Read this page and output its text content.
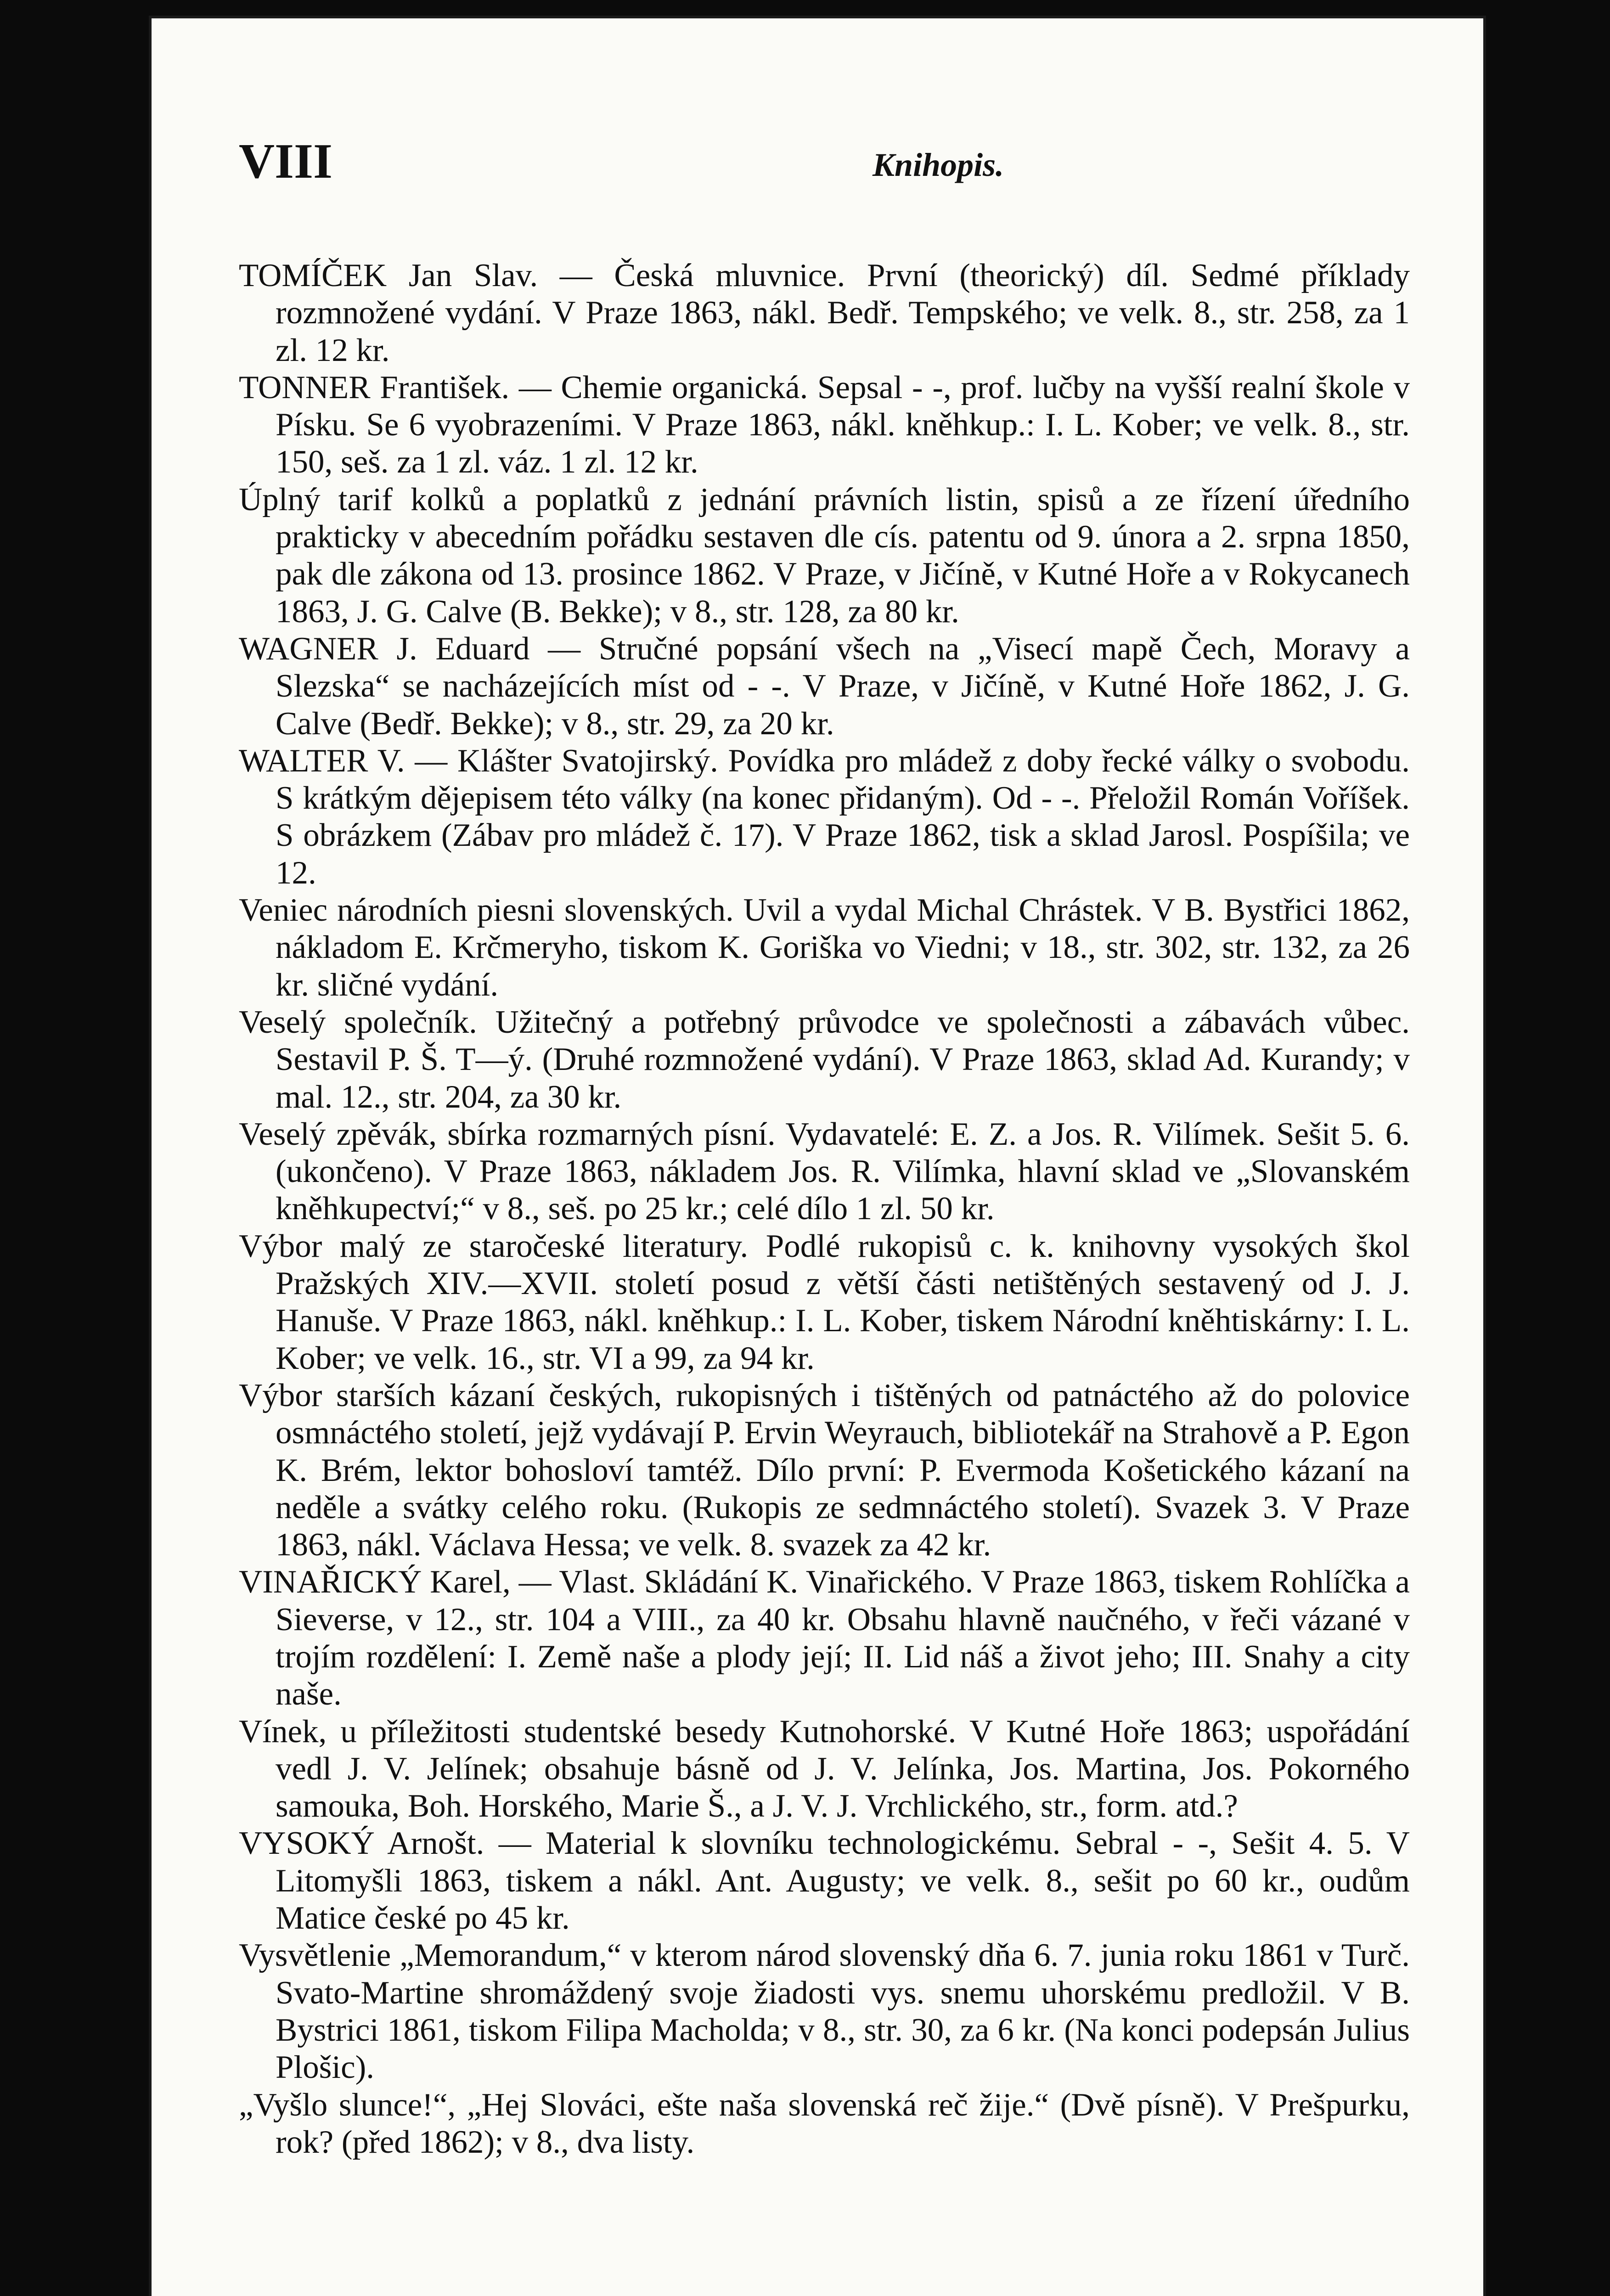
VIII	Knihopis.

TOMÍČEK Jan Slav. — Česká mluvnice. První (theorický) díl. Sedmé příklady rozmnožené vydání. V Praze 1863, nákl. Bedř. Tempského; ve velk. 8., str. 258, za 1 zl. 12 kr.

TONNER František. — Chemie organická. Sepsal - -, prof. lučby na vyšší realní škole v Písku. Se 6 vyobrazeními. V Praze 1863, nákl. kněhkup.: I. L. Kober; ve velk. 8., str. 150, seš. za 1 zl. váz. 1 zl. 12 kr.

Úplný tarif kolků a poplatků z jednání právních listin, spisů a ze řízení úředního prakticky v abecedním pořádku sestaven dle cís. patentu od 9. února a 2. srpna 1850, pak dle zákona od 13. prosince 1862. V Praze, v Jičíně, v Kutné Hoře a v Rokycanech 1863, J. G. Calve (B. Bekke); v 8., str. 128, za 80 kr.

WAGNER J. Eduard — Stručné popsání všech na „Visecí mapě Čech, Moravy a Slezska“ se nacházejících míst od - -. V Praze, v Jičíně, v Kutné Hoře 1862, J. G. Calve (Bedř. Bekke); v 8., str. 29, za 20 kr.

WALTER V. — Klášter Svatojirský. Povídka pro mládež z doby řecké války o svobodu. S krátkým dějepisem této války (na konec přidaným). Od - -. Přeložil Román Voříšek. S obrázkem (Zábav pro mládež č. 17). V Praze 1862, tisk a sklad Jarosl. Pospíšila; ve 12.

Veniec národních piesni slovenských. Uvil a vydal Michal Chrástek. V B. Bystřici 1862, nákladom E. Krčmeryho, tiskom K. Goriška vo Viedni; v 18., str. 302, str. 132, za 26 kr. sličné vydání.

Veselý společník. Užitečný a potřebný průvodce ve společnosti a zábavách vůbec. Sestavil P. Š. T—ý. (Druhé rozmnožené vydání). V Praze 1863, sklad Ad. Kurandy; v mal. 12., str. 204, za 30 kr.

Veselý zpěvák, sbírka rozmarných písní. Vydavatelé: E. Z. a Jos. R. Vilímek. Sešit 5. 6. (ukončeno). V Praze 1863, nákladem Jos. R. Vilímka, hlavní sklad ve „Slovanském kněhkupectví;“ v 8., seš. po 25 kr.; celé dílo 1 zl. 50 kr.

Výbor malý ze staročeské literatury. Podlé rukopisů c. k. knihovny vysokých škol Pražských XIV.—XVII. století posud z větší části netištěných sestavený od J. J. Hanuše. V Praze 1863, nákl. kněhkup.: I. L. Kober, tiskem Národní kněhtiskárny: I. L. Kober; ve velk. 16., str. VI a 99, za 94 kr.

Výbor starších kázaní českých, rukopisných i tištěných od patnáctého až do polovice osmnáctého století, jejž vydávají P. Ervin Weyrauch, bibliotekář na Strahově a P. Egon K. Brém, lektor bohosloví tamtéž. Dílo první: P. Evermoda Košetického kázaní na neděle a svátky celého roku. (Rukopis ze sedmnáctého století). Svazek 3. V Praze 1863, nákl. Václava Hessa; ve velk. 8. svazek za 42 kr.

VINAŘICKÝ Karel, — Vlast. Skládání K. Vinařického. V Praze 1863, tiskem Rohlíčka a Sieverse, v 12., str. 104 a VIII., za 40 kr. Obsahu hlavně naučného, v řeči vázané v trojím rozdělení: I. Země naše a plody její; II. Lid náš a život jeho; III. Snahy a city naše.

Vínek, u příležitosti studentské besedy Kutnohorské. V Kutné Hoře 1863; uspořádání vedl J. V. Jelínek; obsahuje básně od J. V. Jelínka, Jos. Martina, Jos. Pokorného samouka, Boh. Horského, Marie Š., a J. V. J. Vrchlického, str., form. atd.?

VYSOKÝ Arnošt. — Material k slovníku technologickému. Sebral - -, Sešit 4. 5. V Litomyšli 1863, tiskem a nákl. Ant. Augusty; ve velk. 8., sešit po 60 kr., oudům Matice české po 45 kr.

Vysvětlenie „Memorandum,“ v kterom národ slovenský dňa 6. 7. junia roku 1861 v Turč. Svato-Martine shromáždený svoje žiadosti vys. snemu uhorskému predložil. V B. Bystrici 1861, tiskom Filipa Macholda; v 8., str. 30, za 6 kr. (Na konci podepsán Julius Plošic).

„Vyšlo slunce!“, „Hej Slováci, ešte naša slovenská reč žije.“ (Dvě písně). V Prešpurku, rok? (před 1862); v 8., dva listy.
